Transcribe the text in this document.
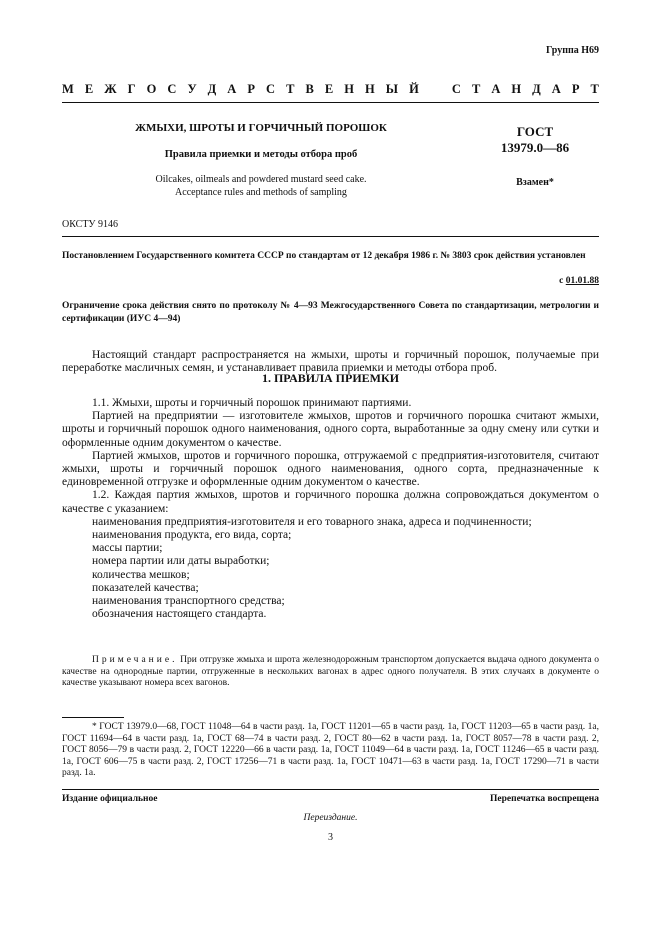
Группа Н69
М Е Ж Г О С У Д А Р С Т В Е Н Н Ы Й	С Т А Н Д А Р Т
ЖМЫХИ, ШРОТЫ И ГОРЧИЧНЫЙ ПОРОШОК
Правила приемки и методы отбора проб
Oilcakes, oilmeals and powdered mustard seed cake.
Acceptance rules and methods of sampling
ГОСТ
13979.0—86
Взамен*
ОКСТУ 9146
Постановлением Государственного комитета СССР по стандартам от 12 декабря 1986 г. № 3803 срок действия установлен
с 01.01.88
Ограничение срока действия снято по протоколу № 4—93 Межгосударственного Совета по стандартизации, метрологии и сертификации (ИУС 4—94)
Настоящий стандарт распространяется на жмыхи, шроты и горчичный порошок, получаемые при переработке масличных семян, и устанавливает правила приемки и методы отбора проб.
1. ПРАВИЛА ПРИЕМКИ

1.1. Жмыхи, шроты и горчичный порошок принимают партиями.

Партией на предприятии — изготовителе жмыхов, шротов и горчичного порошка считают жмыхи, шроты и горчичный порошок одного наименования, одного сорта, выработанные за одну смену или сутки и оформленные одним документом о качестве.

Партией жмыхов, шротов и горчичного порошка, отгружаемой с предприятия-изготовителя, считают жмыхи, шроты и горчичный порошок одного наименования, одного сорта, предназначенные к единовременной отгрузке и оформленные одним документом о качестве.

1.2. Каждая партия жмыхов, шротов и горчичного порошка должна сопровождаться документом о качестве с указанием:

наименования предприятия-изготовителя и его товарного знака, адреса и подчиненности;

наименования продукта, его вида, сорта;

массы партии;

номера партии или даты выработки;

количества мешков;

показателей качества;

наименования транспортного средства;

обозначения настоящего стандарта.

Примечание. При отгрузке жмыха и шрота железнодорожным транспортом допускается выдача одного документа о качестве на однородные партии, отгруженные в нескольких вагонах в адрес одного получателя. В этих случаях в документе о качестве указывают номера всех вагонов.
* ГОСТ 13979.0—68, ГОСТ 11048—64 в части разд. 1а, ГОСТ 11201—65 в части разд. 1а, ГОСТ 11203—65 в части разд. 1а, ГОСТ 11694—64 в части разд. 1а, ГОСТ 68—74 в части разд. 2, ГОСТ 80—62 в части разд. 1а, ГОСТ 8057—78 в части разд. 2, ГОСТ 8056—79 в части разд. 2, ГОСТ 12220—66 в части разд. 1а, ГОСТ 11049—64 в части разд. 1а, ГОСТ 11246—65 в части разд. 1а, ГОСТ 606—75 в части разд. 2, ГОСТ 17256—71 в части разд. 1а, ГОСТ 10471—63 в части разд. 1а, ГОСТ 17290—71 в части разд. 1а.
Издание официальное	Перепечатка воспрещена
Переиздание.
3
